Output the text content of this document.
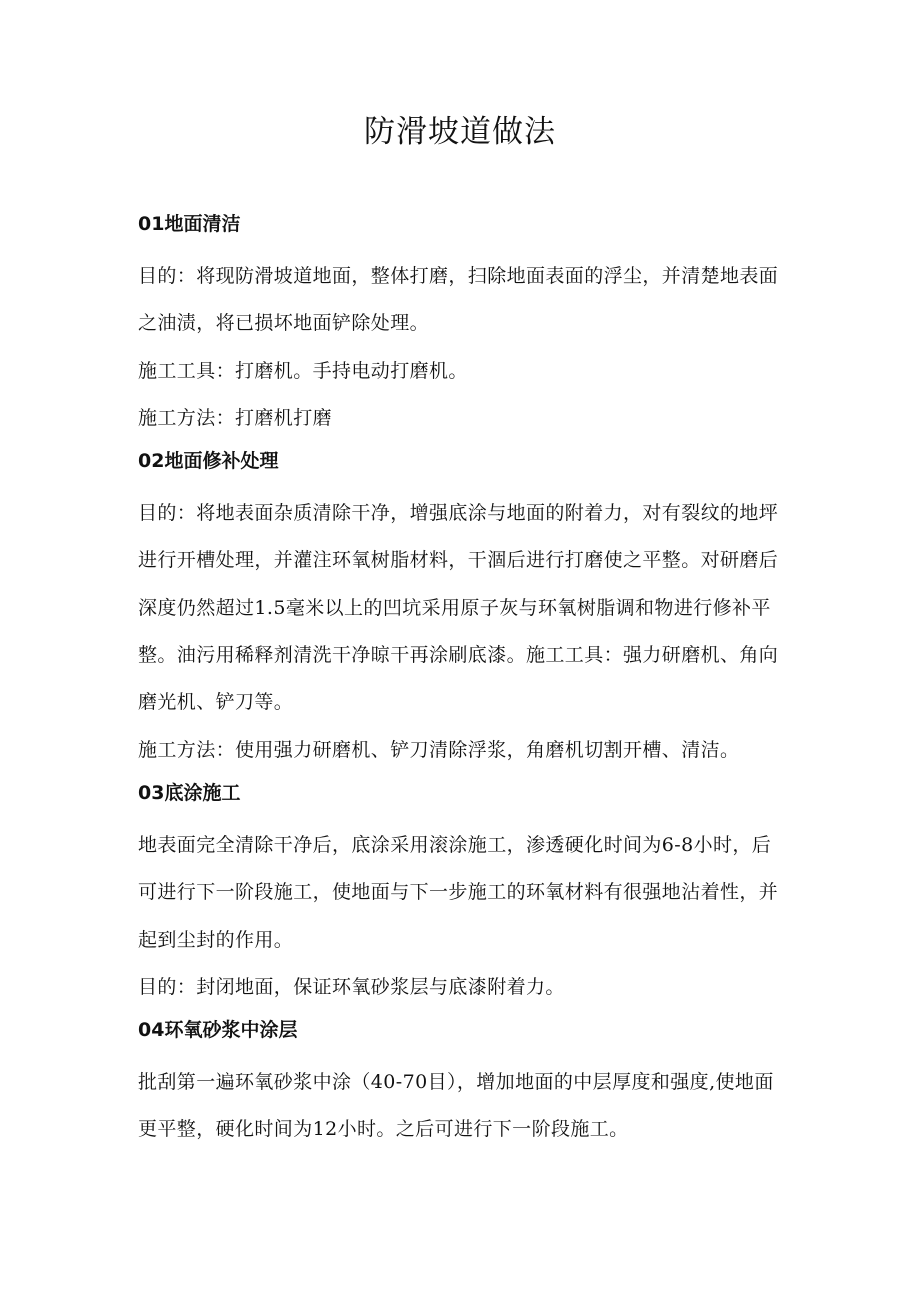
防滑坡道做法
01地面清洁

目的：将现防滑坡道地面，整体打磨，扫除地面表面的浮尘，并清楚地表面之油渍，将已损坏地面铲除处理。

施工工具：打磨机。手持电动打磨机。

施工方法：打磨机打磨

02地面修补处理

目的：将地表面杂质清除干净，增强底涂与地面的附着力，对有裂纹的地坪进行开槽处理，并灌注环氧树脂材料，干涸后进行打磨使之平整。对研磨后深度仍然超过1.5毫米以上的凹坑采用原子灰与环氧树脂调和物进行修补平整。油污用稀释剂清洗干净晾干再涂刷底漆。施工工具：强力研磨机、角向磨光机、铲刀等。

施工方法：使用强力研磨机、铲刀清除浮浆，角磨机切割开槽、清洁。

03底涂施工

地表面完全清除干净后，底涂采用滚涂施工，渗透硬化时间为6-8小时，后可进行下一阶段施工，使地面与下一步施工的环氧材料有很强地沾着性，并起到尘封的作用。

目的：封闭地面，保证环氧砂浆层与底漆附着力。

04环氧砂浆中涂层

批刮第一遍环氧砂浆中涂（40-70目），增加地面的中层厚度和强度,使地面更平整，硬化时间为12小时。之后可进行下一阶段施工。
